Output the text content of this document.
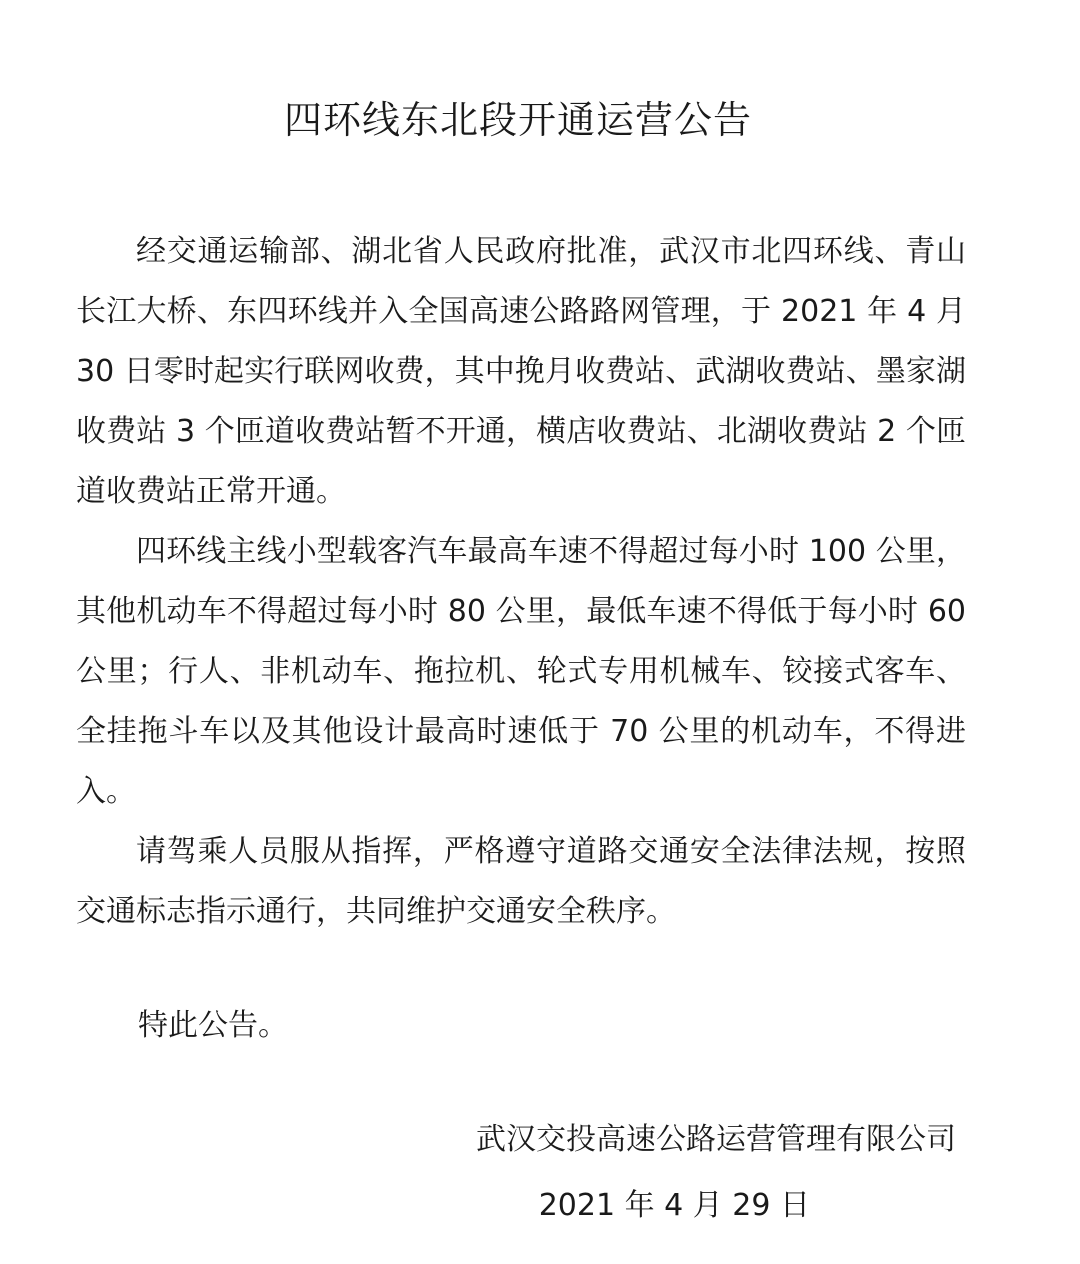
四环线东北段开通运营公告

经交通运输部、湖北省人民政府批准，武汉市北四环线、青山长江大桥、东四环线并入全国高速公路路网管理，于 2021 年 4 月 30 日零时起实行联网收费，其中挽月收费站、武湖收费站、墨家湖收费站 3 个匝道收费站暂不开通，横店收费站、北湖收费站 2 个匝道收费站正常开通。

四环线主线小型载客汽车最高车速不得超过每小时 100 公里，其他机动车不得超过每小时 80 公里，最低车速不得低于每小时 60 公里；行人、非机动车、拖拉机、轮式专用机械车、铰接式客车、全挂拖斗车以及其他设计最高时速低于 70 公里的机动车，不得进入。

请驾乘人员服从指挥，严格遵守道路交通安全法律法规，按照交通标志指示通行，共同维护交通安全秩序。

特此公告。

武汉交投高速公路运营管理有限公司

2021 年 4 月 29 日
